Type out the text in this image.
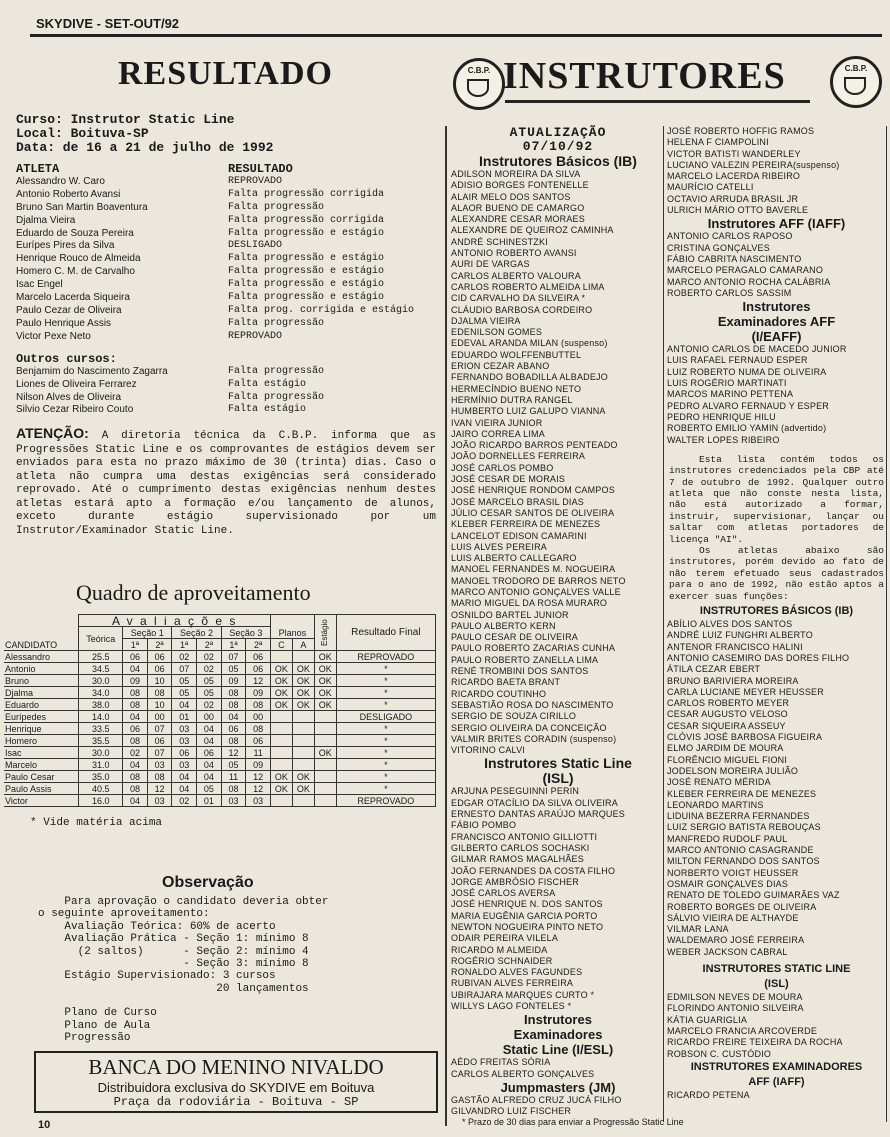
SKYDIVE - SET-OUT/92
RESULTADO	C.B.P. INSTRUTORES	C.B.P.

Curso: Instrutor Static Line

Local: Boituva-SP

Data: de 16 a 21 de julho de 1992

ATLETA	RESULTADO
Alessandro W. Caro	REPROVADO
Antonio Roberto Avansi	Falta progressão corrigida
Bruno San Martin Boaventura	Falta progressão
Djalma Vieira	Falta progressão corrigida
Eduardo de Souza Pereira	Falta progressão e estágio
Eurípes Pires da Silva	DESLIGADO
Henrique Rouco de Almeida	Falta progressão e estágio
Homero C. M. de Carvalho	Falta progressão e estágio
Isac Engel	Falta progressão e estágio
Marcelo Lacerda Siqueira	Falta progressão e estágio
Paulo Cezar de Oliveira	Falta prog. corrigida e estágio
Paulo Henrique Assis	Falta progressão
Victor Pexe Neto	REPROVADO
Outros cursos:
Benjamim do Nascimento Zagarra	Falta progressão
Liones de Oliveira Ferrarez	Falta estágio
Nilson Alves de Oliveira	Falta progressão
Silvio Cezar Ribeiro Couto	Falta estágio
ATENÇÃO: A diretoria técnica da C.B.P. informa que as Progressões Static Line e os comprovantes de estágios devem ser enviados para esta no prazo máximo de 30 (trinta) dias. Caso o atleta não cumpra uma destas exigências será considerado reprovado. Até o cumprimento destas exigências nenhum destes atletas estará apto a formação e/ou lançamento de alunos, exceto durante estágio supervisionado por um Instrutor/Examinador Static Line.
Quadro de aproveitamento
CANDIDATO	A v a l i a ç õ e s							Planos		Estágio	Resultado Final
	Teórica	Seção 1		Seção 2		Seção 3					
		1ª	2ª	1ª	2ª	1ª	2ª	C	A		
Alessandro	25.5	06	06	02	02	07	06			OK	REPROVADO
Antonio	34.5	04	06	07	02	05	06	OK	OK	OK	*
Bruno	30.0	09	10	05	05	09	12	OK	OK	OK	*
Djalma	34.0	08	08	05	05	08	09	OK	OK	OK	*
Eduardo	38.0	08	10	04	02	08	08	OK	OK	OK	*
Eurípedes	14.0	04	00	01	00	04	00				DESLIGADO
Henrique	33.5	06	07	03	04	06	08				*
Homero	35.5	08	06	03	04	08	06				*
Isac	30.0	02	07	06	06	12	11			OK	*
Marcelo	31.0	04	03	03	04	05	09				*
Paulo Cesar	35.0	08	08	04	04	11	12	OK	OK		*
Paulo Assis	40.5	08	12	04	05	08	12	OK	OK		*
Victor	16.0	04	03	02	01	03	03				REPROVADO
* Vide matéria acima
Observação
Para aprovação o candidato deveria obter
o seguinte aproveitamento:
Avaliação Teórica: 60% de acerto
Avaliação Prática - Seção 1: mínimo 8
(2 saltos)      - Seção 2: mínimo 4
- Seção 3: mínimo 8
Estágio Supervisionado: 3 cursos
20 lançamentos
Plano de Curso
Plano de Aula
Progressão
BANCA DO MENINO NIVALDO
Distribuidora exclusiva do SKYDIVE em Boituva
Praça da rodoviária - Boituva - SP
10
ATUALIZAÇÃO
07/10/92
Instrutores Básicos (IB)
ADILSON MOREIRA DA SILVA
ADISIO BORGES FONTENELLE
ALAIR MELO DOS SANTOS
ALAOR BUENO DE CAMARGO
ALEXANDRE CESAR MORAES
ALEXANDRE DE QUEIROZ CAMINHA
ANDRÉ SCHINESTZKI
ANTONIO ROBERTO AVANSI
AURI DE VARGAS
CARLOS ALBERTO VALOURA
CARLOS ROBERTO ALMEIDA LIMA
CID CARVALHO DA SILVEIRA *
CLÁUDIO BARBOSA CORDEIRO
DJALMA VIEIRA
EDENILSON GOMES
EDEVAL ARANDA MILAN (suspenso)
EDUARDO WOLFFENBUTTEL
ERION CEZAR ABANO
FERNANDO BOBADILLA ALBADEJO
HERMECÍNDIO BUENO NETO
HERMÍNIO DUTRA RANGEL
HUMBERTO LUIZ GALUPO VIANNA
IVAN VIEIRA JUNIOR
JAIRO CORREA LIMA
JOÃO RICARDO BARROS PENTEADO
JOÃO DORNELLES FERREIRA
JOSÉ CARLOS POMBO
JOSÉ CESAR DE MORAIS
JOSÉ HENRIQUE RONDOM CAMPOS
JOSÉ MARCELO BRASIL DIAS
JÚLIO CESAR SANTOS DE OLIVEIRA
KLEBER FERREIRA DE MENEZES
LANCELOT EDISON CAMARINI
LUIS ALVES PEREIRA
LUIS ALBERTO CALLEGARO
MANOEL FERNANDES M. NOGUEIRA
MANOEL TRODORO DE BARROS NETO
MARCO ANTONIO GONÇALVES VALLE
MARIO MIGUEL DA ROSA MURARO
OSNILDO BARTEL JUNIOR
PAULO ALBERTO KERN
PAULO CESAR DE OLIVEIRA
PAULO ROBERTO ZACARIAS CUNHA
PAULO ROBERTO ZANELLA LIMA
RENÉ TROMBINI DOS SANTOS
RICARDO BAETA BRANT
RICARDO COUTINHO
SEBASTIÃO ROSA DO NASCIMENTO
SERGIO DE SOUZA CIRILLO
SERGIO OLIVEIRA DA CONCEIÇÃO
VALMIR BRITES CORADIN (suspenso)
VITORINO CALVI
Instrutores Static Line
(ISL)
ARJUNA PESEGUINNI PERIN
EDGAR OTACÍLIO DA SILVA OLIVEIRA
ERNESTO DANTAS ARAÚJO MARQUES
FÁBIO POMBO
FRANCISCO ANTONIO GILLIOTTI
GILBERTO CARLOS SOCHASKI
GILMAR RAMOS MAGALHÃES
JOÃO FERNANDES DA COSTA FILHO
JORGE AMBRÓSIO FISCHER
JOSÉ CARLOS AVERSA
JOSÉ HENRIQUE N. DOS SANTOS
MARIA EUGÊNIA GARCIA PORTO
NEWTON NOGUEIRA PINTO NETO
ODAIR PEREIRA VILELA
RICARDO M ALMEIDA
ROGÉRIO SCHNAIDER
RONALDO ALVES FAGUNDES
RUBIVAN ALVES FERREIRA
UBIRAJARA MARQUES CURTO *
WILLYS LAGO FONTELES *
Instrutores
Examinadores
Static Line (I/ESL)
AÉDO FREITAS SÓRIA
CARLOS ALBERTO GONÇALVES
Jumpmasters (JM)
GASTÃO ALFREDO CRUZ JUCÁ FILHO
GILVANDRO LUIZ FISCHER
JOSÉ ROBERTO HOFFIG RAMOS
HELENA F CIAMPOLINI
VICTOR BATISTI WANDERLEY
LUCIANO VALEZIN PEREIRA(suspenso)
MARCELO LACERDA RIBEIRO
MAURÍCIO CATELLI
OCTAVIO ARRUDA BRASIL JR
ULRICH MÁRIO OTTO BAVERLE
Instrutores AFF (IAFF)
ANTONIO CARLOS RAPOSO
CRISTINA GONÇALVES
FÁBIO CABRITA NASCIMENTO
MARCELO PERAGALO CAMARANO
MARCO ANTONIO ROCHA CALÁBRIA
ROBERTO CARLOS SASSIM
Instrutores
Examinadores AFF
(I/EAFF)
ANTONIO CARLOS DE MACEDO JUNIOR
LUIS RAFAEL FERNAUD ESPER
LUIZ ROBERTO NUMA DE OLIVEIRA
LUIS ROGÉRIO MARTINATI
MARCOS MARINO PETTENA
PEDRO ALVARO FERNAUD Y ESPER
PEDRO HENRIQUE HILU
ROBERTO EMILIO YAMIN (advertido)
WALTER LOPES RIBEIRO

Esta lista contém todos os instrutores credenciados pela CBP até 7 de outubro de 1992. Qualquer outro atleta que não conste nesta lista, não está autorizado a formar, instruir, supervisionar, lançar ou saltar com atletas portadores de licença "AI".

Os atletas abaixo são instrutores, porém devido ao fato de não terem efetuado seus cadastrados para o ano de 1992, não estão aptos a exercer suas funções:

INSTRUTORES BÁSICOS (IB)
ABÍLIO ALVES DOS SANTOS
ANDRÉ LUIZ FUNGHRI ALBERTO
ANTENOR FRANCISCO HALINI
ANTONIO CASEMIRO DAS DORES FILHO
ÁTILA CEZAR EBERT
BRUNO BARIVIERA MOREIRA
CARLA LUCIANE MEYER HEUSSER
CARLOS ROBERTO MEYER
CESAR AUGUSTO VELOSO
CESAR SIQUEIRA ASSEUY
CLÓVIS JOSÉ BARBOSA FIGUEIRA
ELMO JARDIM DE MOURA
FLORÊNCIO MIGUEL FIONI
JODELSON MOREIRA JULIÃO
JOSÉ RENATO MÉRIDA
KLEBER FERREIRA DE MENEZES
LEONARDO MARTINS
LIDUINA BEZERRA FERNANDES
LUIZ SERGIO BATISTA REBOUÇAS
MANFREDO RUDOLF PAUL
MARCO ANTONIO CASAGRANDE
MILTON FERNANDO DOS SANTOS
NORBERTO VOIGT HEUSSER
OSMAIR GONÇALVES DIAS
RENATO DE TOLEDO GUIMARÃES VAZ
ROBERTO BORGES DE OLIVEIRA
SÁLVIO VIEIRA DE ALTHAYDE
VILMAR LANA
WALDEMARO JOSÉ FERREIRA
WEBER JACKSON CABRAL
INSTRUTORES STATIC LINE
(ISL)
EDMILSON NEVES DE MOURA
FLORINDO ANTONIO SILVEIRA
KÁTIA GUARIGLIA
MARCELO FRANCIA ARCOVERDE
RICARDO FREIRE TEIXEIRA DA ROCHA
ROBSON C. CUSTÓDIO
INSTRUTORES EXAMINADORES
AFF (IAFF)
RICARDO PETENA
* Prazo de 30 dias para enviar a Progressão Static Line
